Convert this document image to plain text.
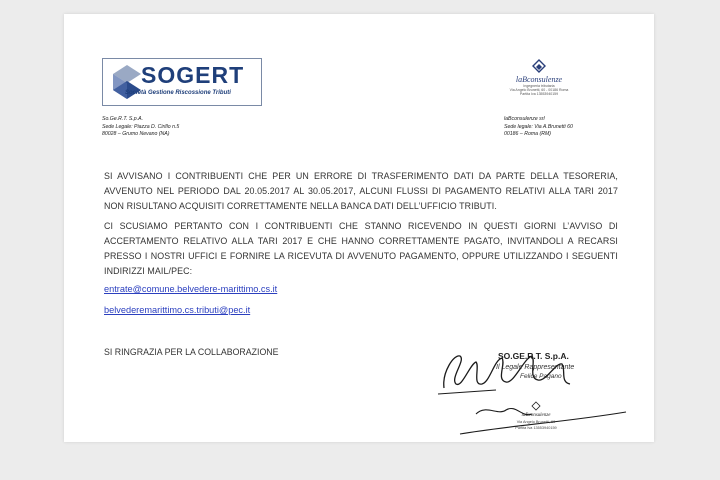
SOGERT
Società Gestione Riscossione Tributi
So.Ge.R.T. S.p.A.
Sede Legale: Piazza D. Cirillo n.5
80028 – Grumo Nevano (NA)
laBconsulenze
Ingegneria tributaria
Via Angelo Brunetti, 60 - 00186 Roma
Partita Iva 13553940159
laBconsulenze srl
Sede legale: Via A.Brunetti 60
00186 – Roma (RM)
SI AVVISANO I CONTRIBUENTI CHE PER UN ERRORE DI TRASFERIMENTO DATI DA PARTE DELLA TESORERIA, AVVENUTO NEL PERIODO DAL 20.05.2017 AL 30.05.2017, ALCUNI FLUSSI DI PAGAMENTO RELATIVI ALLA TARI 2017 NON RISULTANO ACQUISITI CORRETTAMENTE NELLA BANCA DATI DELL’UFFICIO TRIBUTI.
CI SCUSIAMO PERTANTO CON I CONTRIBUENTI CHE STANNO RICEVENDO IN QUESTI GIORNI L’AVVISO DI ACCERTAMENTO RELATIVO ALLA TARI 2017 E CHE HANNO CORRETTAMENTE PAGATO, INVITANDOLI A RECARSI PRESSO I NOSTRI UFFICI E FORNIRE LA RICEVUTA DI AVVENUTO PAGAMENTO, OPPURE UTILIZZANDO I SEGUENTI INDIRIZZI MAIL/PEC:
entrate@comune.belvedere-marittimo.cs.it
belvederemarittimo.cs.tributi@pec.it
SI RINGRAZIA PER LA COLLABORAZIONE	SO.GE.R.T. S.p.A.
Il Legale Rappresentante
Felice Pagano
laBconsulenze
Via Angelo Brunetti, 60
Partita Iva 13553940159
